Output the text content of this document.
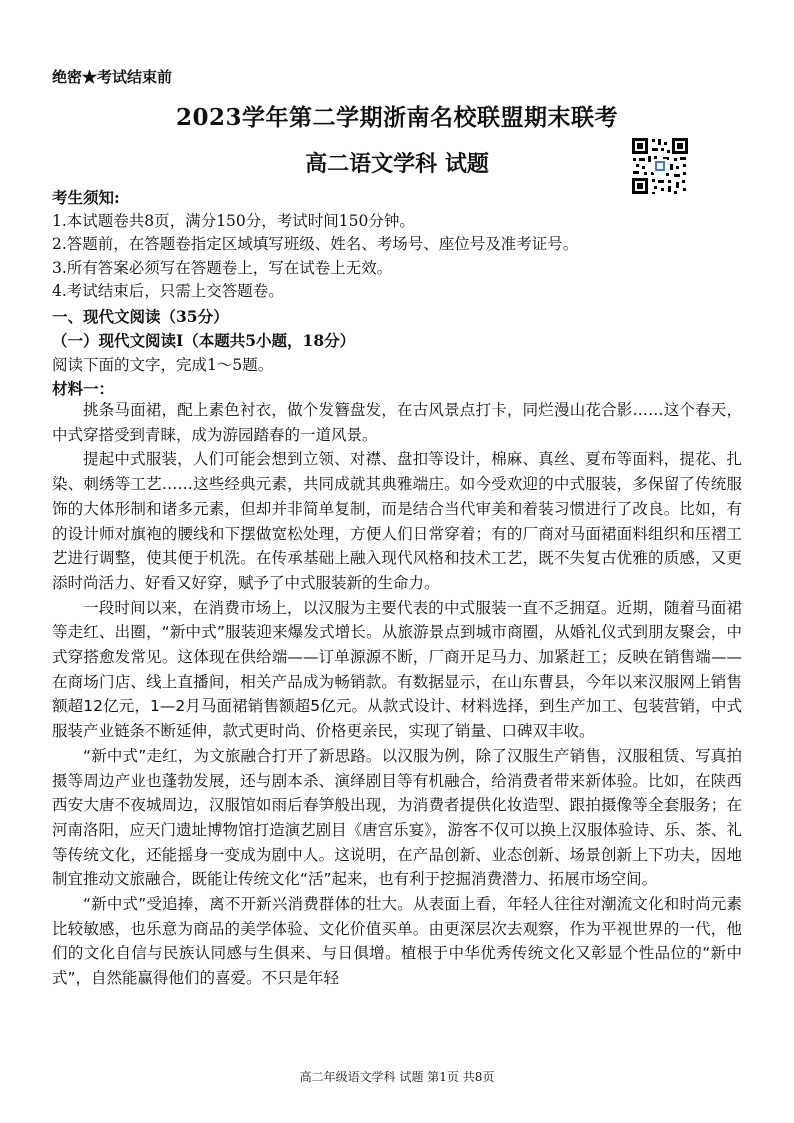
绝密★考试结束前
2023学年第二学期浙南名校联盟期末联考
高二语文学科 试题
考生须知:
1.本试题卷共8页，满分150分，考试时间150分钟。
2.答题前，在答题卷指定区域填写班级、姓名、考场号、座位号及准考证号。
3.所有答案必须写在答题卷上，写在试卷上无效。
4.考试结束后，只需上交答题卷。
一、现代文阅读（35分）
（一）现代文阅读Ⅰ（本题共5小题，18分）
阅读下面的文字，完成1～5题。
材料一：

挑条马面裙，配上素色衬衣，做个发簪盘发，在古风景点打卡，同烂漫山花合影……这个春天，中式穿搭受到青睐，成为游园踏春的一道风景。

提起中式服装，人们可能会想到立领、对襟、盘扣等设计，棉麻、真丝、夏布等面料，提花、扎染、刺绣等工艺……这些经典元素，共同成就其典雅端庄。如今受欢迎的中式服装，多保留了传统服饰的大体形制和诸多元素，但却并非简单复制，而是结合当代审美和着装习惯进行了改良。比如，有的设计师对旗袍的腰线和下摆做宽松处理，方便人们日常穿着；有的厂商对马面裙面料组织和压褶工艺进行调整，使其便于机洗。在传承基础上融入现代风格和技术工艺，既不失复古优雅的质感，又更添时尚活力、好看又好穿，赋予了中式服装新的生命力。

一段时间以来，在消费市场上，以汉服为主要代表的中式服装一直不乏拥趸。近期，随着马面裙等走红、出圈，“新中式”服装迎来爆发式增长。从旅游景点到城市商圈，从婚礼仪式到朋友聚会，中式穿搭愈发常见。这体现在供给端——订单源源不断，厂商开足马力、加紧赶工；反映在销售端——在商场门店、线上直播间，相关产品成为畅销款。有数据显示，在山东曹县，今年以来汉服网上销售额超12亿元，1—2月马面裙销售额超5亿元。从款式设计、材料选择，到生产加工、包装营销，中式服装产业链条不断延伸，款式更时尚、价格更亲民，实现了销量、口碑双丰收。

“新中式”走红，为文旅融合打开了新思路。以汉服为例，除了汉服生产销售，汉服租赁、写真拍摄等周边产业也蓬勃发展，还与剧本杀、演绎剧目等有机融合，给消费者带来新体验。比如，在陕西西安大唐不夜城周边，汉服馆如雨后春笋般出现，为消费者提供化妆造型、跟拍摄像等全套服务；在河南洛阳，应天门遗址博物馆打造演艺剧目《唐宫乐宴》，游客不仅可以换上汉服体验诗、乐、茶、礼等传统文化，还能摇身一变成为剧中人。这说明，在产品创新、业态创新、场景创新上下功夫，因地制宜推动文旅融合，既能让传统文化“活”起来，也有利于挖掘消费潜力、拓展市场空间。

“新中式”受追捧，离不开新兴消费群体的壮大。从表面上看，年轻人往往对潮流文化和时尚元素比较敏感，也乐意为商品的美学体验、文化价值买单。由更深层次去观察，作为平视世界的一代，他们的文化自信与民族认同感与生俱来、与日俱增。植根于中华优秀传统文化又彰显个性品位的“新中式”，自然能赢得他们的喜爱。不只是年轻

高二年级语文学科 试题 第1页 共8页
